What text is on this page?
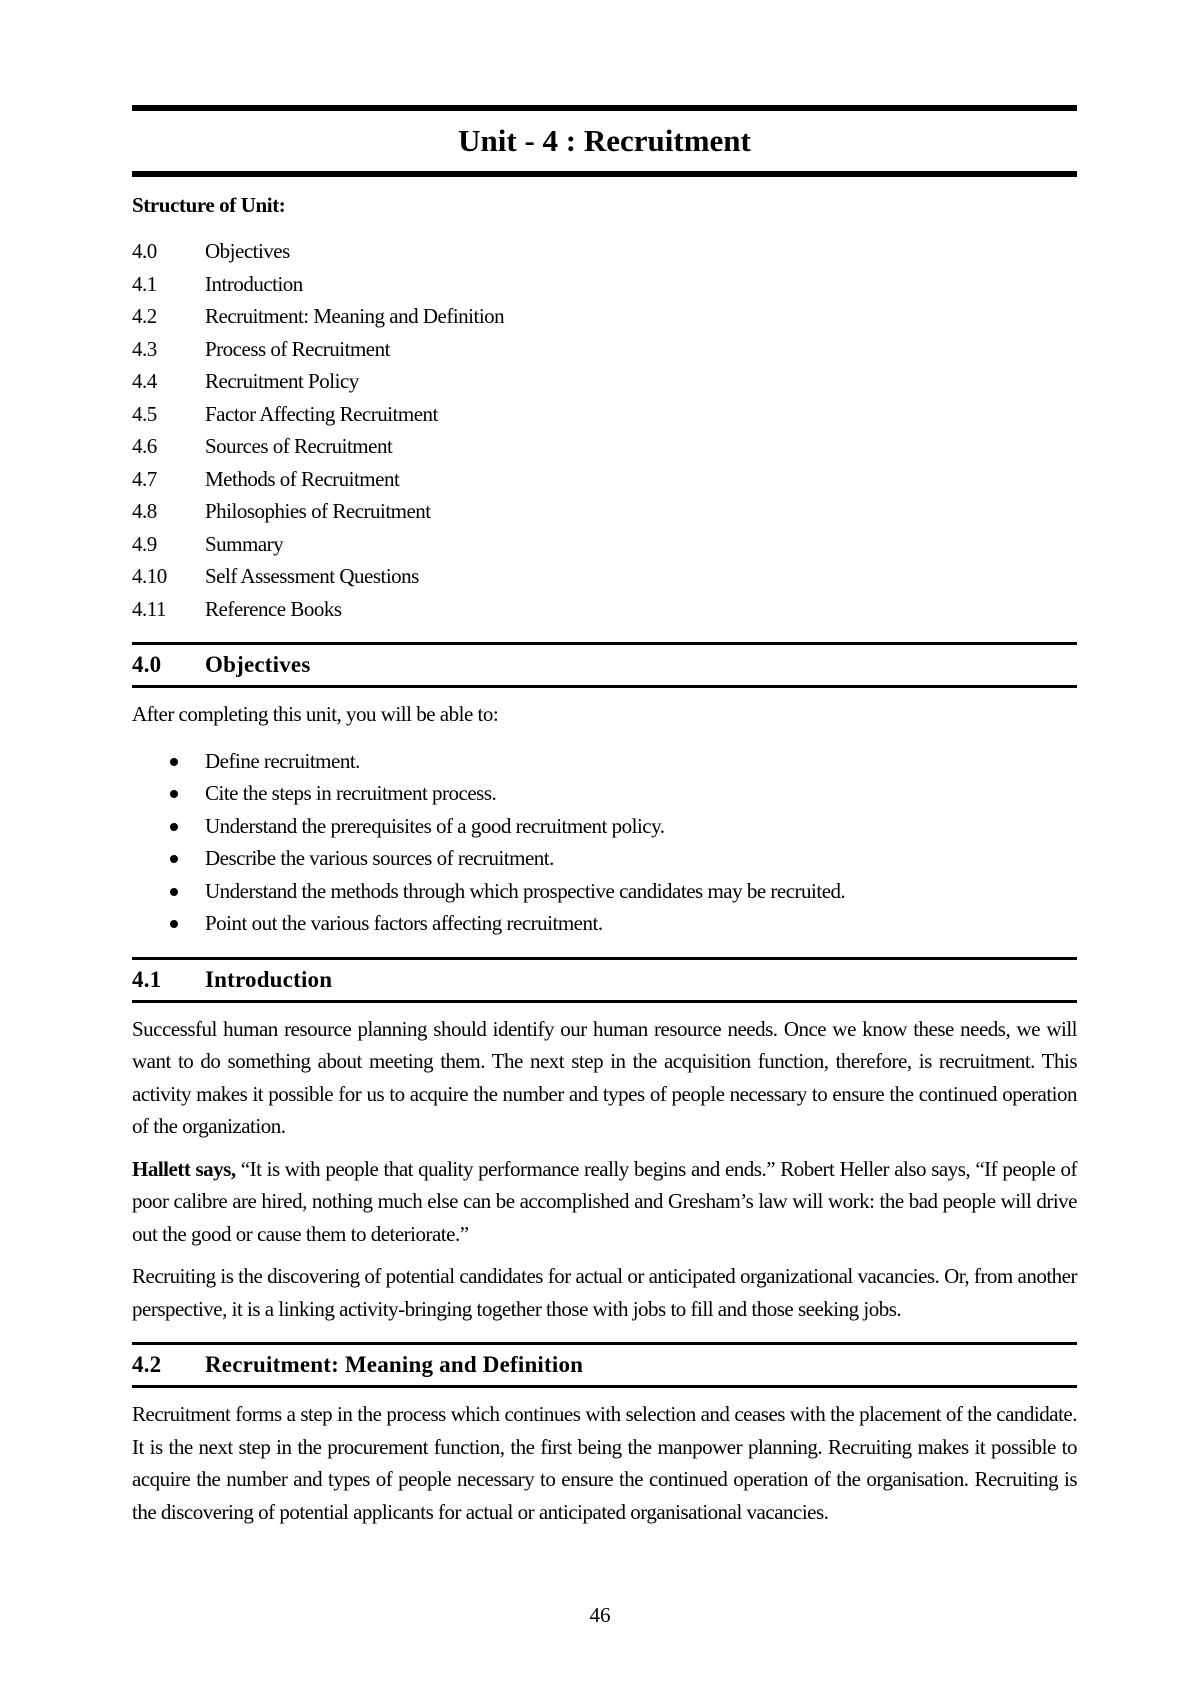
Unit - 4 : Recruitment
Structure of Unit:
4.0	Objectives
4.1	Introduction
4.2	Recruitment: Meaning and Definition
4.3	Process of Recruitment
4.4	Recruitment Policy
4.5	Factor Affecting Recruitment
4.6	Sources of Recruitment
4.7	Methods of Recruitment
4.8	Philosophies of Recruitment
4.9	Summary
4.10	Self Assessment Questions
4.11	Reference Books
4.0	Objectives

After completing this unit, you will be able to:

Define recruitment.
Cite the steps in recruitment process.
Understand the prerequisites of a good recruitment policy.
Describe the various sources of recruitment.
Understand the methods through which prospective candidates may be recruited.
Point out the various factors affecting recruitment.
4.1	Introduction

Successful human resource planning should identify our human resource needs. Once we know these needs, we will want to do something about meeting them. The next step in the acquisition function, therefore, is recruitment. This activity makes it possible for us to acquire the number and types of people necessary to ensure the continued operation of the organization.

Hallett says, “It is with people that quality performance really begins and ends.” Robert Heller also says, “If people of poor calibre are hired, nothing much else can be accomplished and Gresham’s law will work: the bad people will drive out the good or cause them to deteriorate.”

Recruiting is the discovering of potential candidates for actual or anticipated organizational vacancies. Or, from another perspective, it is a linking activity-bringing together those with jobs to fill and those seeking jobs.

4.2	Recruitment: Meaning and Definition

Recruitment forms a step in the process which continues with selection and ceases with the placement of the candidate. It is the next step in the procurement function, the first being the manpower planning. Recruiting makes it possible to acquire the number and types of people necessary to ensure the continued operation of the organisation. Recruiting is the discovering of potential applicants for actual or anticipated organisational vacancies.

46
